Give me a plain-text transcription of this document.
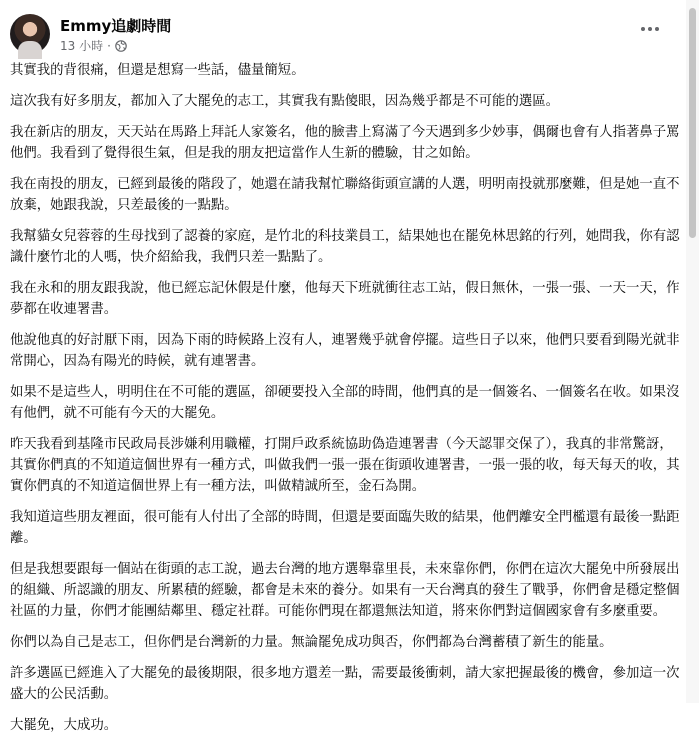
Emmy追劇時間
13 小時 ·

其實我的背很痛，但還是想寫一些話，儘量簡短。

這次我有好多朋友，都加入了大罷免的志工，其實我有點傻眼，因為幾乎都是不可能的選區。

我在新店的朋友，天天站在馬路上拜託人家簽名，他的臉書上寫滿了今天遇到多少妙事，偶爾也會有人指著鼻子罵他們。我看到了覺得很生氣，但是我的朋友把這當作人生新的體驗，甘之如飴。

我在南投的朋友，已經到最後的階段了，她還在請我幫忙聯絡街頭宣講的人選，明明南投就那麼難，但是她一直不放棄，她跟我說，只差最後的一點點。

我幫貓女兒蓉蓉的生母找到了認養的家庭，是竹北的科技業員工，結果她也在罷免林思銘的行列，她問我，你有認識什麼竹北的人嗎，快介紹給我，我們只差一點點了。

我在永和的朋友跟我說，他已經忘記休假是什麼，他每天下班就衝往志工站，假日無休，一張一張、一天一天，作夢都在收連署書。

他說他真的好討厭下雨，因為下雨的時候路上沒有人，連署幾乎就會停擺。這些日子以來，他們只要看到陽光就非常開心，因為有陽光的時候，就有連署書。

如果不是這些人，明明住在不可能的選區，卻硬要投入全部的時間，他們真的是一個簽名、一個簽名在收。如果沒有他們，就不可能有今天的大罷免。

昨天我看到基隆市民政局長涉嫌利用職權，打開戶政系統協助偽造連署書（今天認罪交保了），我真的非常驚訝，其實你們真的不知道這個世界有一種方式，叫做我們一張一張在街頭收連署書，一張一張的收，每天每天的收，其實你們真的不知道這個世界上有一種方法，叫做精誠所至，金石為開。

我知道這些朋友裡面，很可能有人付出了全部的時間，但還是要面臨失敗的結果，他們離安全門檻還有最後一點距離。

但是我想要跟每一個站在街頭的志工說，過去台灣的地方選舉靠里長，未來靠你們，你們在這次大罷免中所發展出的組織、所認識的朋友、所累積的經驗，都會是未來的養分。如果有一天台灣真的發生了戰爭，你們會是穩定整個社區的力量，你們才能團結鄰里、穩定社群。可能你們現在都還無法知道，將來你們對這個國家會有多麼重要。

你們以為自己是志工，但你們是台灣新的力量。無論罷免成功與否，你們都為台灣蓄積了新生的能量。

許多選區已經進入了大罷免的最後期限，很多地方還差一點，需要最後衝刺，請大家把握最後的機會，參加這一次盛大的公民活動。

大罷免，大成功。
